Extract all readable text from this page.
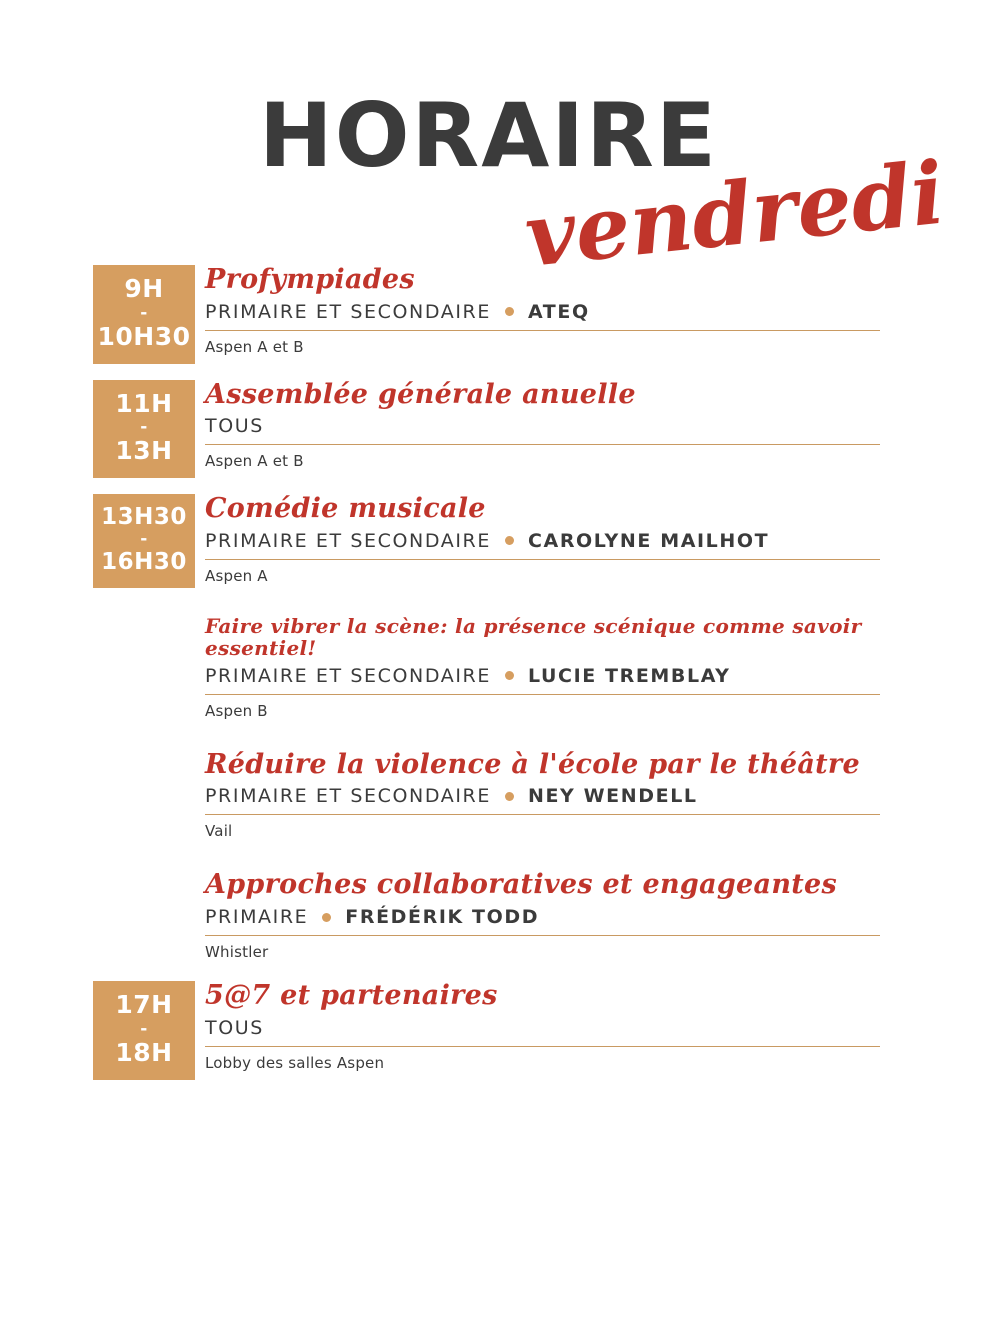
HORAIRE
vendredi
9H
-
10H30
Profympiades
PRIMAIRE ET SECONDAIRE ATEQ
Aspen A et B
11H
-
13H
Assemblée générale anuelle
TOUS
Aspen A et B
13H30
-
16H30
Comédie musicale
PRIMAIRE ET SECONDAIRE CAROLYNE MAILHOT
Aspen A
Faire vibrer la scène: la présence scénique comme savoir essentiel!
PRIMAIRE ET SECONDAIRE LUCIE TREMBLAY
Aspen B
Réduire la violence à l'école par le théâtre
PRIMAIRE ET SECONDAIRE NEY WENDELL
Vail
Approches collaboratives et engageantes
PRIMAIRE FRÉDÉRIK TODD
Whistler
17H
-
18H
5@7 et partenaires
TOUS
Lobby des salles Aspen
